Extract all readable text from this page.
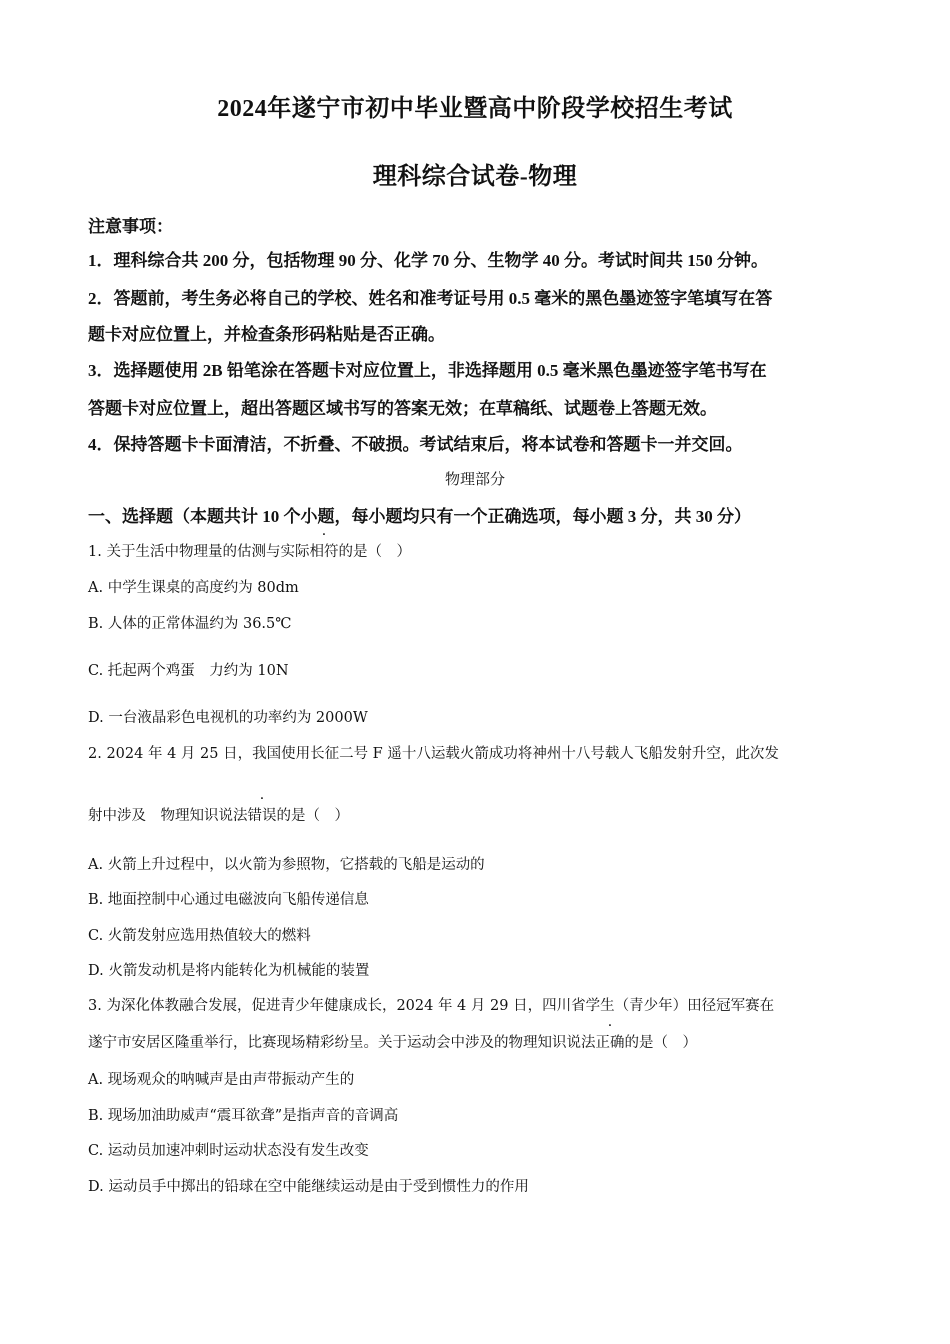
2024年遂宁市初中毕业暨高中阶段学校招生考试
理科综合试卷-物理
注意事项：
1．理科综合共 200 分，包括物理 90 分、化学 70 分、生物学 40 分。考试时间共 150 分钟。
2．答题前，考生务必将自己的学校、姓名和准考证号用 0.5 毫米的黑色墨迹签字笔填写在答
题卡对应位置上，并检查条形码粘贴是否正确。
3．选择题使用 2B 铅笔涂在答题卡对应位置上，非选择题用 0.5 毫米黑色墨迹签字笔书写在
答题卡对应位置上，超出答题区域书写的答案无效；在草稿纸、试题卷上答题无效。
4．保持答题卡卡面清洁，不折叠、不破损。考试结束后，将本试卷和答题卡一并交回。
物理部分
一、选择题（本题共计 10 个小题，每小题均只有一个正确选项，每小题 3 分，共 30 分）
1. 关于生活中物理量的估测与实际相符的是（　）
A. 中学生课桌的高度约为 80dm
B. 人体的正常体温约为 36.5℃
C. 托起两个鸡蛋　力约为 10N
D. 一台液晶彩色电视机的功率约为 2000W
2. 2024 年 4 月 25 日，我国使用长征二号 F 遥十八运载火箭成功将神州十八号载人飞船发射升空，此次发
射中涉及　物理知识说法错误的是（　）
A. 火箭上升过程中，以火箭为参照物，它搭载的飞船是运动的
B. 地面控制中心通过电磁波向飞船传递信息
C. 火箭发射应选用热值较大的燃料
D. 火箭发动机是将内能转化为机械能的装置
3. 为深化体教融合发展，促进青少年健康成长，2024 年 4 月 29 日，四川省学生（青少年）田径冠军赛在
遂宁市安居区隆重举行，比赛现场精彩纷呈。关于运动会中涉及的物理知识说法正确的是（　）
A. 现场观众的呐喊声是由声带振动产生的
B. 现场加油助威声“震耳欲聋”是指声音的音调高
C. 运动员加速冲刺时运动状态没有发生改变
D. 运动员手中掷出的铅球在空中能继续运动是由于受到惯性力的作用
